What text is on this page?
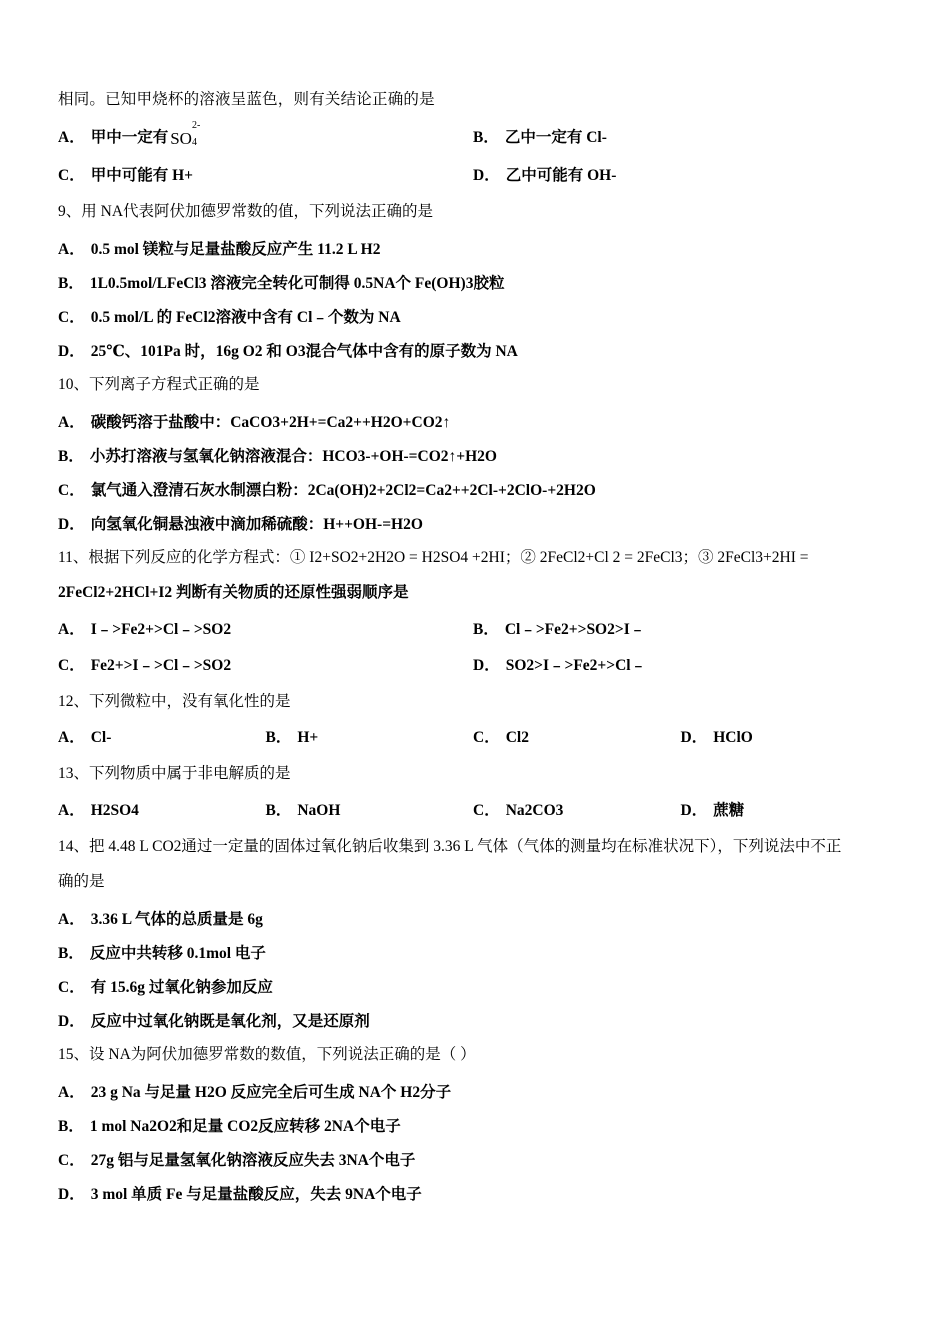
相同。已知甲烧杯的溶液呈蓝色，则有关结论正确的是

A． 甲中一定有 SO
2-
4	B． 乙中一定有 Cl-
C． 甲中可能有 H+	D． 乙中可能有 OH-

9、用 NA代表阿伏加德罗常数的值，下列说法正确的是

A． 0.5 mol 镁粒与足量盐酸反应产生 11.2 L H2
B． 1L0.5mol/LFeCl3 溶液完全转化可制得 0.5NA个 Fe(OH)3胶粒
C． 0.5 mol/L 的 FeCl2溶液中含有 Cl﹣个数为 NA
D． 25℃、101Pa 时，16g O2 和 O3混合气体中含有的原子数为 NA

10、下列离子方程式正确的是

A． 碳酸钙溶于盐酸中：CaCO3+2H+=Ca2++H2O+CO2↑
B． 小苏打溶液与氢氧化钠溶液混合：HCO3-+OH-=CO2↑+H2O
C． 氯气通入澄清石灰水制漂白粉：2Ca(OH)2+2Cl2=Ca2++2Cl-+2ClO-+2H2O
D． 向氢氧化铜悬浊液中滴加稀硫酸：H++OH-=H2O

11、根据下列反应的化学方程式：① I2+SO2+2H2O = H2SO4 +2HI；② 2FeCl2+Cl 2 = 2FeCl3；③ 2FeCl3+2HI =

2FeCl2+2HCl+I2 判断有关物质的还原性强弱顺序是

A． I﹣>Fe2+>Cl﹣>SO2	B． Cl﹣>Fe2+>SO2>I﹣
C． Fe2+>I﹣>Cl﹣>SO2	D． SO2>I﹣>Fe2+>Cl﹣

12、下列微粒中，没有氧化性的是

A． Cl-	B． H+	C． Cl2	D． HClO

13、下列物质中属于非电解质的是

A． H2SO4	B． NaOH	C． Na2CO3	D． 蔗糖

14、把 4.48 L CO2通过一定量的固体过氧化钠后收集到 3.36 L 气体（气体的测量均在标准状况下），下列说法中不正

确的是

A． 3.36 L 气体的总质量是 6g
B． 反应中共转移 0.1mol 电子
C． 有 15.6g 过氧化钠参加反应
D． 反应中过氧化钠既是氧化剂，又是还原剂

15、设 NA为阿伏加德罗常数的数值，下列说法正确的是（ ）

A． 23 g Na 与足量 H2O 反应完全后可生成 NA个 H2分子
B． 1 mol Na2O2和足量 CO2反应转移 2NA个电子
C． 27g 铝与足量氢氧化钠溶液反应失去 3NA个电子
D． 3 mol 单质 Fe 与足量盐酸反应，失去 9NA个电子
